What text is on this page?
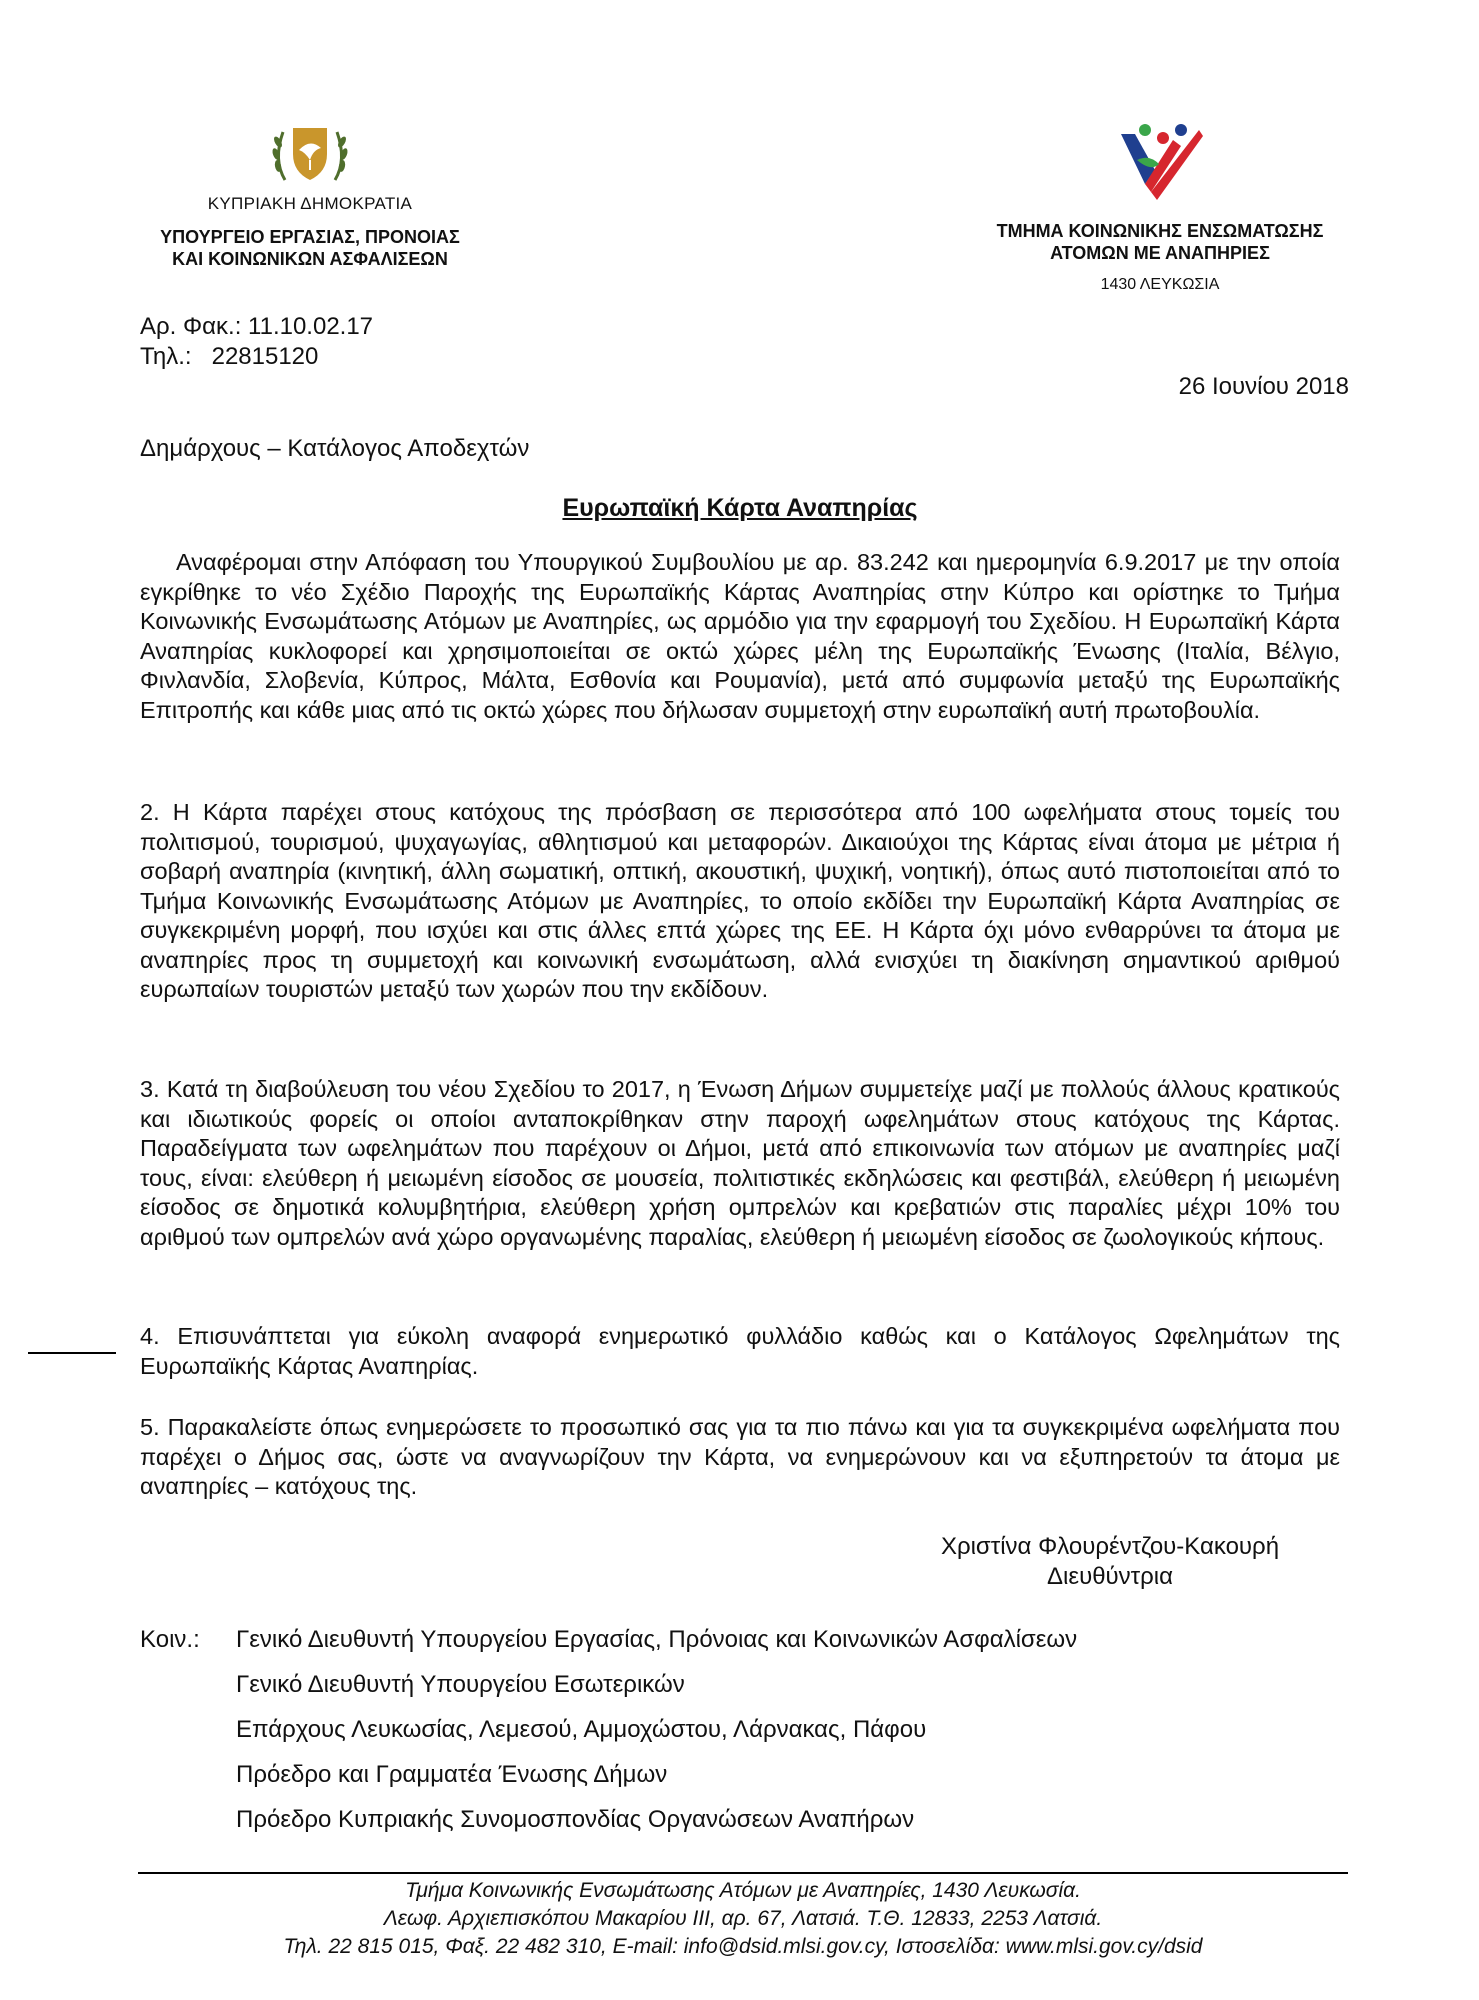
ΚΥΠΡΙΑΚΗ ΔΗΜΟΚΡΑΤΙΑ
ΥΠΟΥΡΓΕΙΟ ΕΡΓΑΣΙΑΣ, ΠΡΟΝΟΙΑΣ
ΚΑΙ ΚΟΙΝΩΝΙΚΩΝ ΑΣΦΑΛΙΣΕΩΝ
ΤΜΗΜΑ ΚΟΙΝΩΝΙΚΗΣ ΕΝΣΩΜΑΤΩΣΗΣ
ΑΤΟΜΩΝ ΜΕ ΑΝΑΠΗΡΙΕΣ
1430 ΛΕΥΚΩΣΙΑ
Αρ. Φακ.: 11.10.02.17
Τηλ.:   22815120
26 Ιουνίου 2018
Δημάρχους – Κατάλογος Αποδεχτών
Ευρωπαϊκή Κάρτα Αναπηρίας
Αναφέρομαι στην Απόφαση του Υπουργικού Συμβουλίου με αρ. 83.242 και ημερομηνία 6.9.2017 με την οποία εγκρίθηκε το νέο Σχέδιο Παροχής της Ευρωπαϊκής Κάρτας Αναπηρίας στην Κύπρο και ορίστηκε το Τμήμα Κοινωνικής Ενσωμάτωσης Ατόμων με Αναπηρίες, ως αρμόδιο για την εφαρμογή του Σχεδίου. Η Ευρωπαϊκή Κάρτα Αναπηρίας κυκλοφορεί και χρησιμοποιείται σε οκτώ χώρες μέλη της Ευρωπαϊκής Ένωσης (Ιταλία, Βέλγιο, Φινλανδία, Σλοβενία, Κύπρος, Μάλτα, Εσθονία και Ρουμανία), μετά από συμφωνία μεταξύ της Ευρωπαϊκής Επιτροπής και κάθε μιας από τις οκτώ χώρες που δήλωσαν συμμετοχή στην ευρωπαϊκή αυτή πρωτοβουλία.
2. Η Κάρτα παρέχει στους κατόχους της πρόσβαση σε περισσότερα από 100 ωφελήματα στους τομείς του πολιτισμού, τουρισμού, ψυχαγωγίας, αθλητισμού και μεταφορών. Δικαιούχοι της Κάρτας είναι άτομα με μέτρια ή σοβαρή αναπηρία (κινητική, άλλη σωματική, οπτική, ακουστική, ψυχική, νοητική), όπως αυτό πιστοποιείται από το Τμήμα Κοινωνικής Ενσωμάτωσης Ατόμων με Αναπηρίες, το οποίο εκδίδει την Ευρωπαϊκή Κάρτα Αναπηρίας σε συγκεκριμένη μορφή, που ισχύει και στις άλλες επτά χώρες της ΕΕ. Η Κάρτα όχι μόνο ενθαρρύνει τα άτομα με αναπηρίες προς τη συμμετοχή και κοινωνική ενσωμάτωση, αλλά ενισχύει τη διακίνηση σημαντικού αριθμού ευρωπαίων τουριστών μεταξύ των χωρών που την εκδίδουν.
3. Κατά τη διαβούλευση του νέου Σχεδίου το 2017, η Ένωση Δήμων συμμετείχε μαζί με πολλούς άλλους κρατικούς και ιδιωτικούς φορείς οι οποίοι ανταποκρίθηκαν στην παροχή ωφελημάτων στους κατόχους της Κάρτας. Παραδείγματα των ωφελημάτων που παρέχουν οι Δήμοι, μετά από επικοινωνία των ατόμων με αναπηρίες μαζί τους, είναι: ελεύθερη ή μειωμένη είσοδος σε μουσεία, πολιτιστικές εκδηλώσεις και φεστιβάλ, ελεύθερη ή μειωμένη είσοδος σε δημοτικά κολυμβητήρια, ελεύθερη χρήση ομπρελών και κρεβατιών στις παραλίες μέχρι 10% του αριθμού των ομπρελών ανά χώρο οργανωμένης παραλίας, ελεύθερη ή μειωμένη είσοδος σε ζωολογικούς κήπους.
4. Επισυνάπτεται για εύκολη αναφορά ενημερωτικό φυλλάδιο καθώς και ο Κατάλογος Ωφελημάτων της Ευρωπαϊκής Κάρτας Αναπηρίας.
5. Παρακαλείστε όπως ενημερώσετε το προσωπικό σας για τα πιο πάνω και για τα συγκεκριμένα ωφελήματα που παρέχει ο Δήμος σας, ώστε να αναγνωρίζουν την Κάρτα, να ενημερώνουν και να εξυπηρετούν τα άτομα με αναπηρίες – κατόχους της.
Χριστίνα Φλουρέντζου-Κακουρή
Διευθύντρια
Κοιν.: Γενικό Διευθυντή Υπουργείου Εργασίας, Πρόνοιας και Κοινωνικών Ασφαλίσεων
Γενικό Διευθυντή Υπουργείου Εσωτερικών
Επάρχους Λευκωσίας, Λεμεσού, Αμμοχώστου, Λάρνακας, Πάφου
Πρόεδρο και Γραμματέα Ένωσης Δήμων
Πρόεδρο Κυπριακής Συνομοσπονδίας Οργανώσεων Αναπήρων
Τμήμα Κοινωνικής Ενσωμάτωσης Ατόμων με Αναπηρίες, 1430 Λευκωσία.
Λεωφ. Αρχιεπισκόπου Μακαρίου ΙΙΙ, αρ. 67, Λατσιά. Τ.Θ. 12833, 2253 Λατσιά.
Τηλ. 22 815 015, Φαξ. 22 482 310, E-mail: info@dsid.mlsi.gov.cy, Ιστοσελίδα: www.mlsi.gov.cy/dsid
